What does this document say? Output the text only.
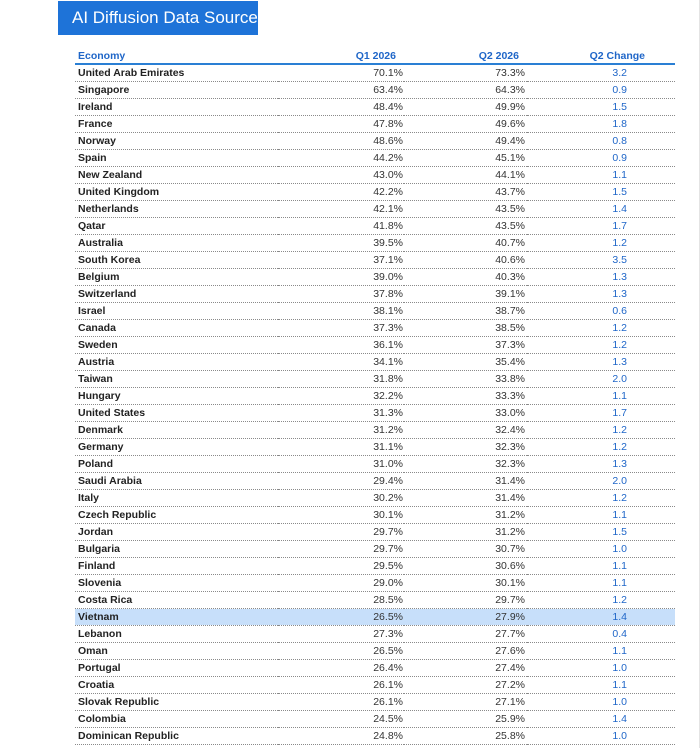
AI Diffusion Data Source
Economy	Q1 2026	Q2 2026	Q2 Change
United Arab Emirates	70.1%	73.3%	3.2
Singapore	63.4%	64.3%	0.9
Ireland	48.4%	49.9%	1.5
France	47.8%	49.6%	1.8
Norway	48.6%	49.4%	0.8
Spain	44.2%	45.1%	0.9
New Zealand	43.0%	44.1%	1.1
United Kingdom	42.2%	43.7%	1.5
Netherlands	42.1%	43.5%	1.4
Qatar	41.8%	43.5%	1.7
Australia	39.5%	40.7%	1.2
South Korea	37.1%	40.6%	3.5
Belgium	39.0%	40.3%	1.3
Switzerland	37.8%	39.1%	1.3
Israel	38.1%	38.7%	0.6
Canada	37.3%	38.5%	1.2
Sweden	36.1%	37.3%	1.2
Austria	34.1%	35.4%	1.3
Taiwan	31.8%	33.8%	2.0
Hungary	32.2%	33.3%	1.1
United States	31.3%	33.0%	1.7
Denmark	31.2%	32.4%	1.2
Germany	31.1%	32.3%	1.2
Poland	31.0%	32.3%	1.3
Saudi Arabia	29.4%	31.4%	2.0
Italy	30.2%	31.4%	1.2
Czech Republic	30.1%	31.2%	1.1
Jordan	29.7%	31.2%	1.5
Bulgaria	29.7%	30.7%	1.0
Finland	29.5%	30.6%	1.1
Slovenia	29.0%	30.1%	1.1
Costa Rica	28.5%	29.7%	1.2
Vietnam	26.5%	27.9%	1.4
Lebanon	27.3%	27.7%	0.4
Oman	26.5%	27.6%	1.1
Portugal	26.4%	27.4%	1.0
Croatia	26.1%	27.2%	1.1
Slovak Republic	26.1%	27.1%	1.0
Colombia	24.5%	25.9%	1.4
Dominican Republic	24.8%	25.8%	1.0
